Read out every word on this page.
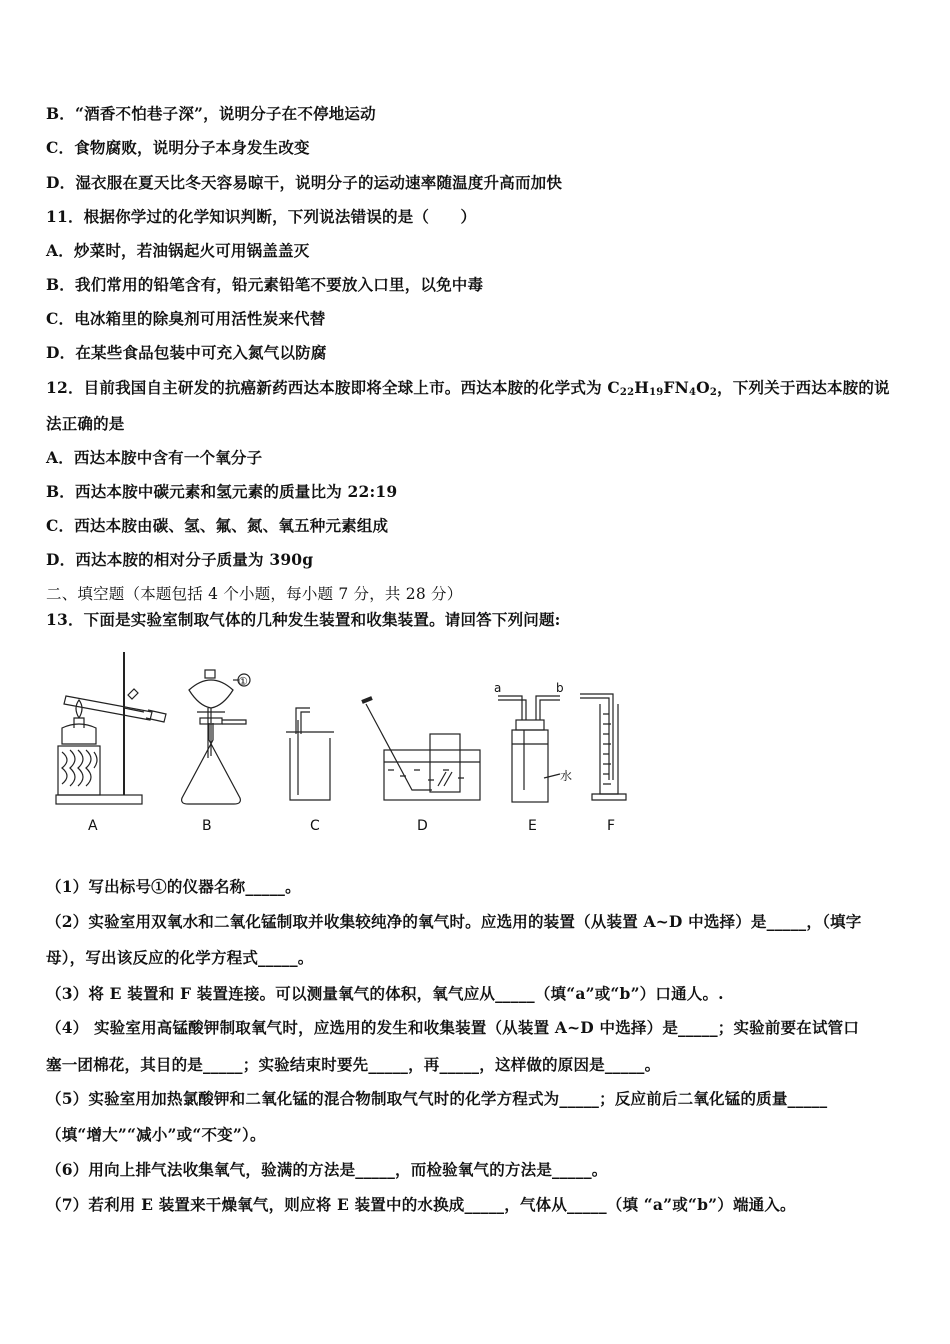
B．“酒香不怕巷子深”，说明分子在不停地运动
C．食物腐败，说明分子本身发生改变
D．湿衣服在夏天比冬天容易晾干，说明分子的运动速率随温度升高而加快
11．根据你学过的化学知识判断，下列说法错误的是（　　）
A．炒菜时，若油锅起火可用锅盖盖灭
B．我们常用的铅笔含有，铅元素铅笔不要放入口里，以免中毒
C．电冰箱里的除臭剂可用活性炭来代替
D．在某些食品包装中可充入氮气以防腐
12．目前我国自主研发的抗癌新药西达本胺即将全球上市。西达本胺的化学式为 $C_{22}H_{19}FN_4O_2$，下列关于西达本胺的说
法正确的是
A．西达本胺中含有一个氧分子
B．西达本胺中碳元素和氢元素的质量比为 22:19
C．西达本胺由碳、氢、氟、氮、氧五种元素组成
D．西达本胺的相对分子质量为 390g
二、填空题（本题包括 4 个小题，每小题 7 分，共 28 分）
13．下面是实验室制取气体的几种发生装置和收集装置。请回答下列问题:
A	B	C	D	E	F
①	a	b
水
（1）写出标号①的仪器名称_____。
（2）实验室用双氧水和二氧化锰制取并收集较纯净的氧气时。应选用的装置（从装置 A~D 中选择）是_____，（填字
母），写出该反应的化学方程式_____。
（3）将 E 装置和 F 装置连接。可以测量氧气的体积，氧气应从_____（填“a”或“b”）口通人。.
（4） 实验室用高锰酸钾制取氧气时，应选用的发生和收集装置（从装置 A~D 中选择）是_____；实验前要在试管口
塞一团棉花，其目的是_____；实验结束时要先_____，再_____，这样做的原因是_____。
（5）实验室用加热氯酸钾和二氧化锰的混合物制取气气时的化学方程式为_____；反应前后二氧化锰的质量_____
（填“增大”“减小”或“不变”）。
（6）用向上排气法收集氧气，验满的方法是_____，而检验氧气的方法是_____。
（7）若利用 E 装置来干燥氧气，则应将 E 装置中的水换成_____，气体从_____（填 “a”或“b”）端通入。
